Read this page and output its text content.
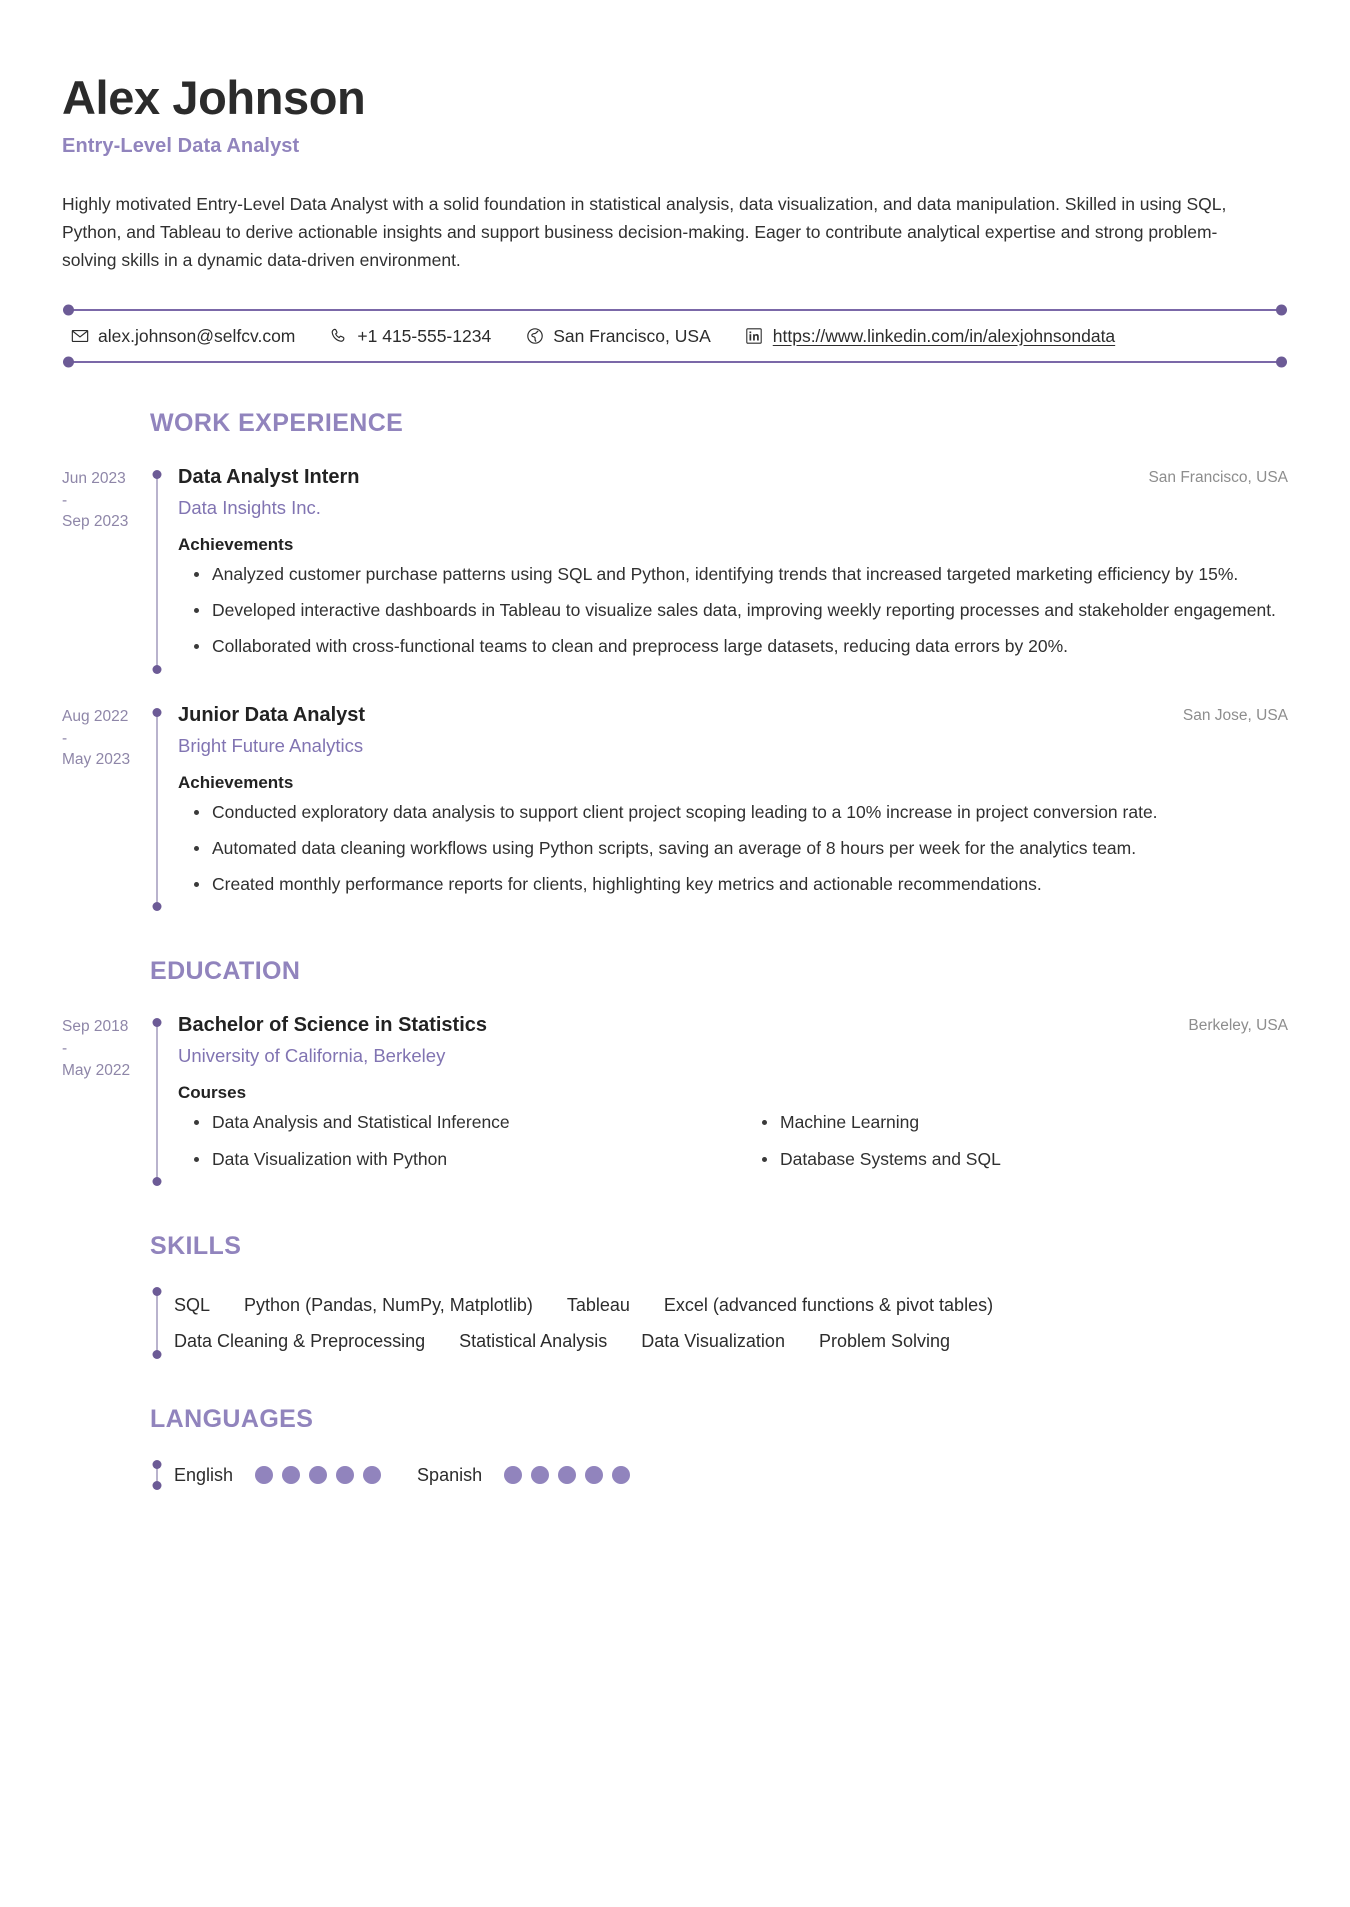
Alex Johnson
Entry-Level Data Analyst

Highly motivated Entry-Level Data Analyst with a solid foundation in statistical analysis, data visualization, and data manipulation. Skilled in using SQL, Python, and Tableau to derive actionable insights and support business decision-making. Eager to contribute analytical expertise and strong problem-solving skills in a dynamic data-driven environment.

alex.johnson@selfcv.com	+1 415-555-1234	San Francisco, USA	https://www.linkedin.com/in/alexjohnsondata
WORK EXPERIENCE
Jun 2023
-
Sep 2023
Data Analyst Intern	San Francisco, USA
Data Insights Inc.
Achievements
Analyzed customer purchase patterns using SQL and Python, identifying trends that increased targeted marketing efficiency by 15%.
Developed interactive dashboards in Tableau to visualize sales data, improving weekly reporting processes and stakeholder engagement.
Collaborated with cross-functional teams to clean and preprocess large datasets, reducing data errors by 20%.
Aug 2022
-
May 2023
Junior Data Analyst	San Jose, USA
Bright Future Analytics
Achievements
Conducted exploratory data analysis to support client project scoping leading to a 10% increase in project conversion rate.
Automated data cleaning workflows using Python scripts, saving an average of 8 hours per week for the analytics team.
Created monthly performance reports for clients, highlighting key metrics and actionable recommendations.
EDUCATION
Sep 2018
-
May 2022
Bachelor of Science in Statistics	Berkeley, USA
University of California, Berkeley
Courses
Data Analysis and Statistical Inference	Machine Learning
Data Visualization with Python	Database Systems and SQL
SKILLS
SQL Python (Pandas, NumPy, Matplotlib) Tableau Excel (advanced functions & pivot tables)
Data Cleaning & Preprocessing Statistical Analysis Data Visualization Problem Solving
LANGUAGES
English	Spanish
